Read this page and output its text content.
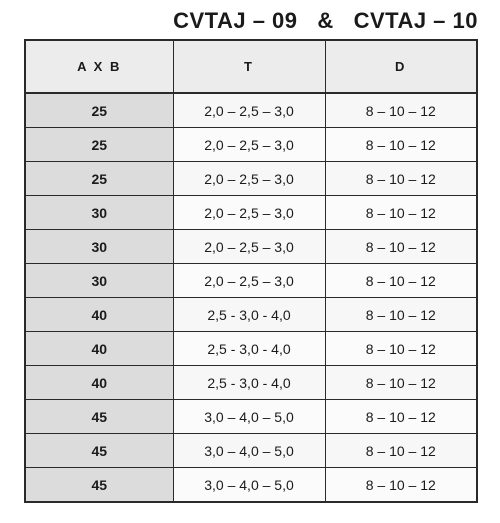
CVTAJ – 09   &   CVTAJ – 10
A X B	T	D
25	2,0 – 2,5 – 3,0	8 – 10 – 12
25	2,0 – 2,5 – 3,0	8 – 10 – 12
25	2,0 – 2,5 – 3,0	8 – 10 – 12
30	2,0 – 2,5 – 3,0	8 – 10 – 12
30	2,0 – 2,5 – 3,0	8 – 10 – 12
30	2,0 – 2,5 – 3,0	8 – 10 – 12
40	2,5 - 3,0 - 4,0	8 – 10 – 12
40	2,5 - 3,0 - 4,0	8 – 10 – 12
40	2,5 - 3,0 - 4,0	8 – 10 – 12
45	3,0 – 4,0 – 5,0	8 – 10 – 12
45	3,0 – 4,0 – 5,0	8 – 10 – 12
45	3,0 – 4,0 – 5,0	8 – 10 – 12
